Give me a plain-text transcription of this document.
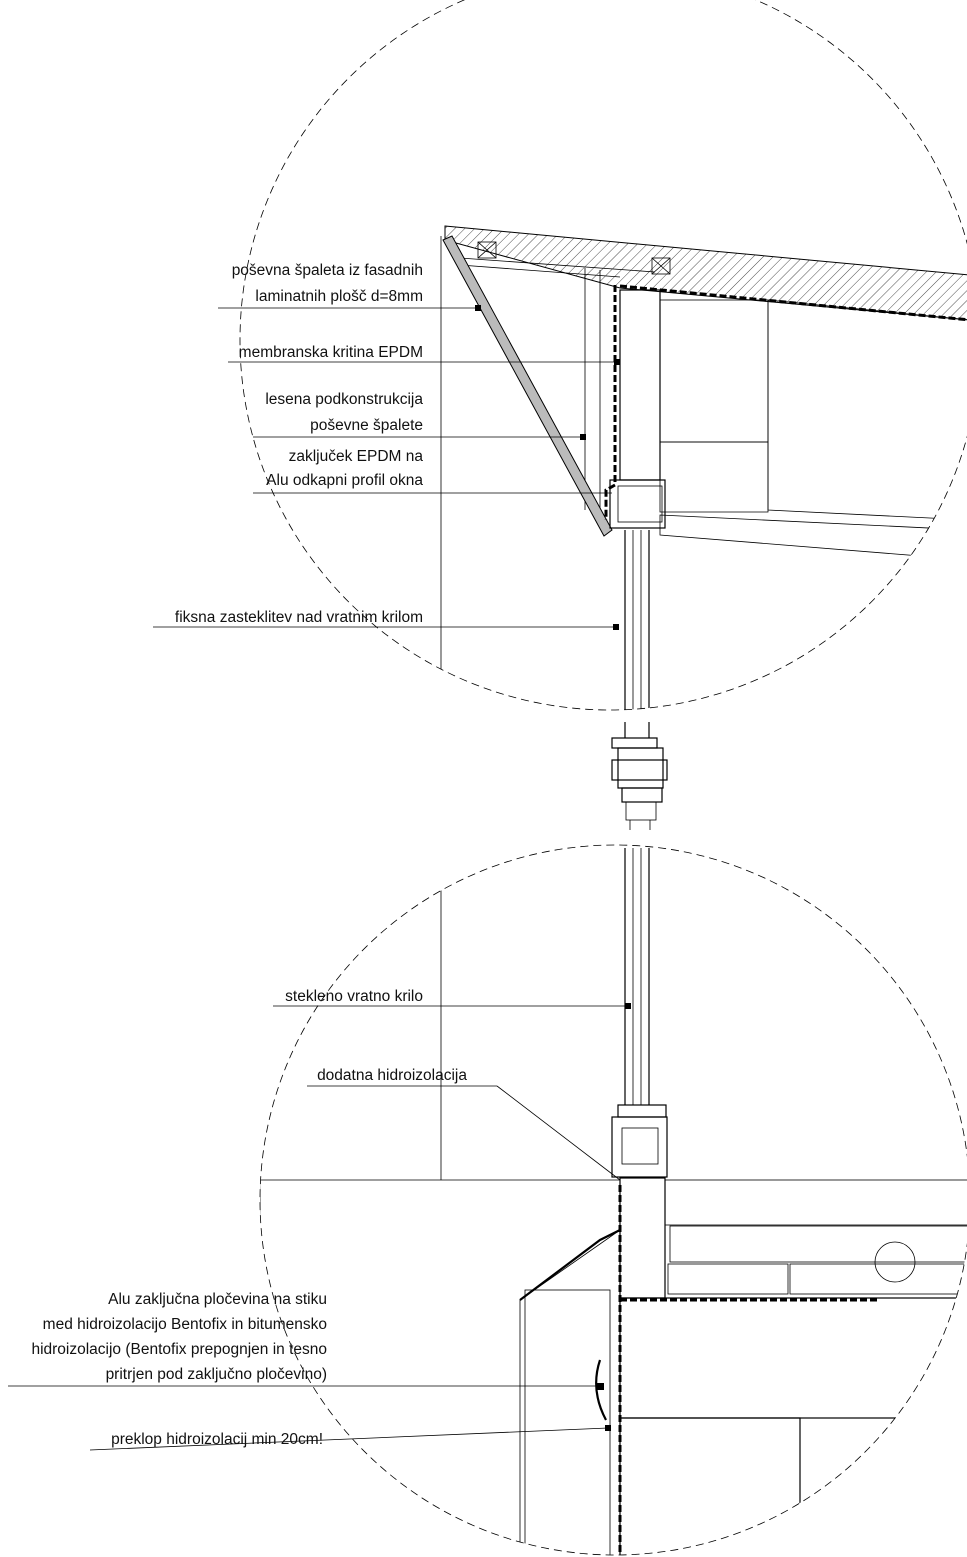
poševna špaleta iz fasadnih
laminatnih plošč d=8mm
membranska kritina EPDM
lesena podkonstrukcija
poševne špalete
zaključek EPDM na
Alu odkapni profil okna
fiksna zasteklitev nad vratnim krilom
stekleno vratno krilo
dodatna hidroizolacija
Alu zaključna pločevina na stiku
med hidroizolacijo Bentofix in bitumensko
hidroizolacijo (Bentofix prepognjen in tesno
pritrjen pod zaključno pločevino)
preklop hidroizolacij min 20cm!
